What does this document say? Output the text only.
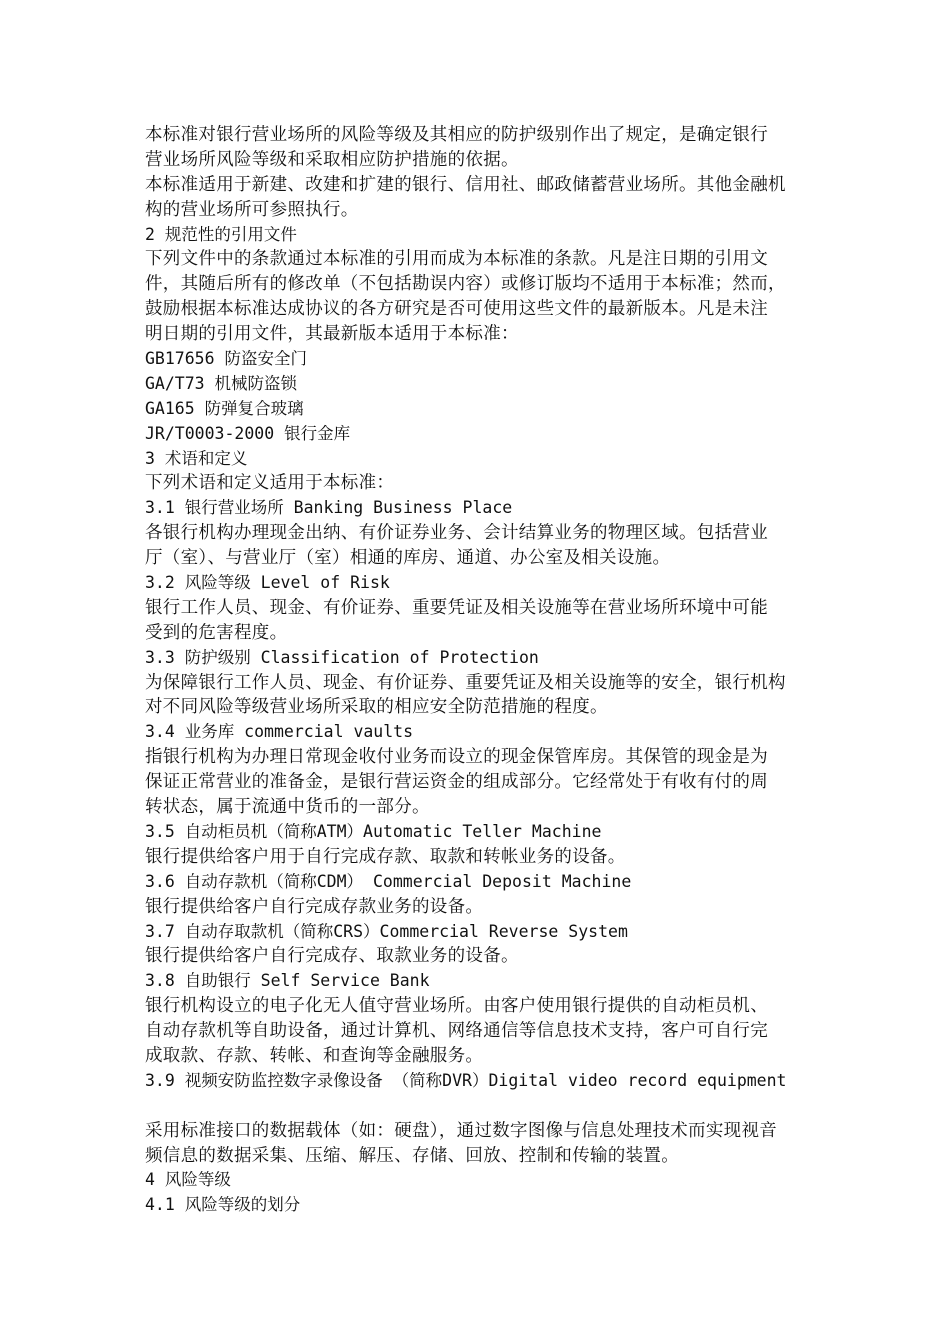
本标准对银行营业场所的风险等级及其相应的防护级别作出了规定，是确定银行
营业场所风险等级和采取相应防护措施的依据。
本标准适用于新建、改建和扩建的银行、信用社、邮政储蓄营业场所。其他金融机
构的营业场所可参照执行。
2 规范性的引用文件
下列文件中的条款通过本标准的引用而成为本标准的条款。凡是注日期的引用文
件，其随后所有的修改单（不包括勘误内容）或修订版均不适用于本标准；然而，
鼓励根据本标准达成协议的各方研究是否可使用这些文件的最新版本。凡是未注
明日期的引用文件，其最新版本适用于本标准：
GB17656 防盗安全门
GA/T73 机械防盗锁
GA165 防弹复合玻璃
JR/T0003-2000 银行金库
3 术语和定义
下列术语和定义适用于本标准：
3.1 银行营业场所 Banking Business Place
各银行机构办理现金出纳、有价证券业务、会计结算业务的物理区域。包括营业
厅（室）、与营业厅（室）相通的库房、通道、办公室及相关设施。
3.2 风险等级 Level of Risk
银行工作人员、现金、有价证券、重要凭证及相关设施等在营业场所环境中可能
受到的危害程度。
3.3 防护级别 Classification of Protection
为保障银行工作人员、现金、有价证券、重要凭证及相关设施等的安全，银行机构
对不同风险等级营业场所采取的相应安全防范措施的程度。
3.4 业务库 commercial vaults
指银行机构为办理日常现金收付业务而设立的现金保管库房。其保管的现金是为
保证正常营业的准备金，是银行营运资金的组成部分。它经常处于有收有付的周
转状态，属于流通中货币的一部分。
3.5 自动柜员机（简称ATM）Automatic Teller Machine
银行提供给客户用于自行完成存款、取款和转帐业务的设备。
3.6 自动存款机（简称CDM） Commercial Deposit Machine
银行提供给客户自行完成存款业务的设备。
3.7 自动存取款机（简称CRS）Commercial Reverse System
银行提供给客户自行完成存、取款业务的设备。
3.8 自助银行 Self Service Bank
银行机构设立的电子化无人值守营业场所。由客户使用银行提供的自动柜员机、
自动存款机等自助设备，通过计算机、网络通信等信息技术支持，客户可自行完
成取款、存款、转帐、和查询等金融服务。
3.9 视频安防监控数字录像设备 （简称DVR）Digital video record equipment
采用标准接口的数据载体（如：硬盘），通过数字图像与信息处理技术而实现视音
频信息的数据采集、压缩、解压、存储、回放、控制和传输的装置。
4 风险等级
4.1 风险等级的划分
